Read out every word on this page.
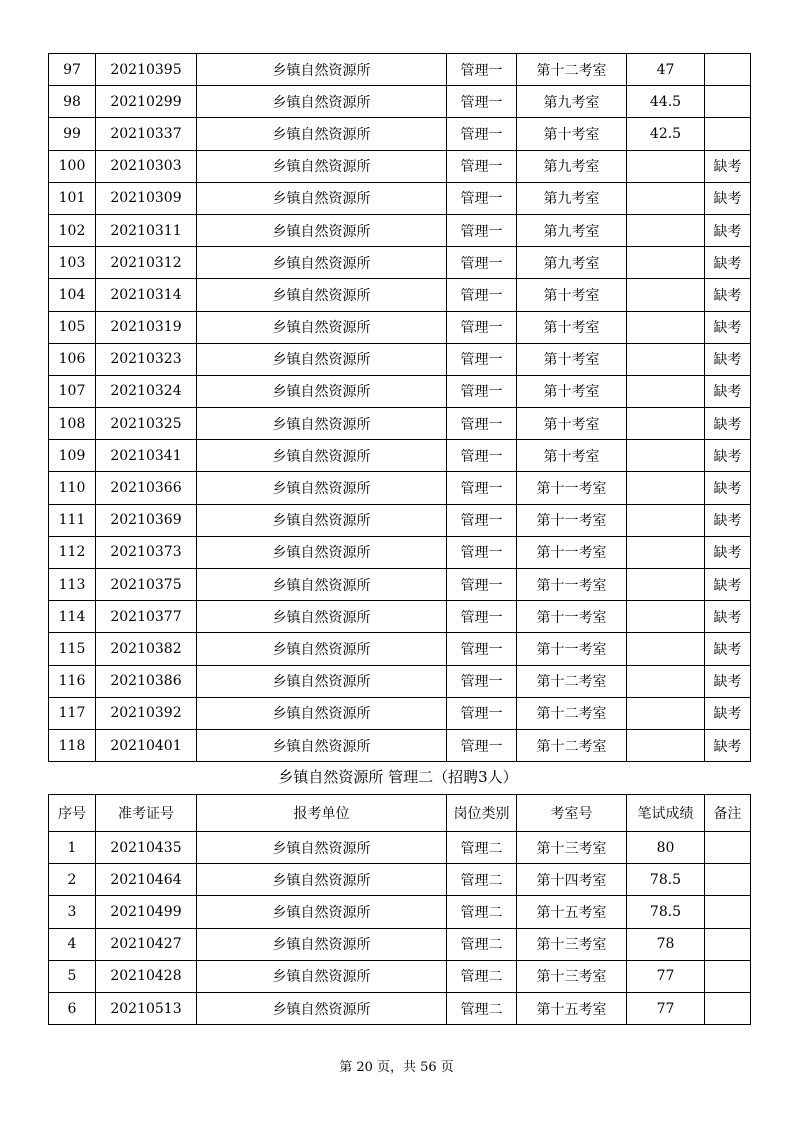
97	20210395	乡镇自然资源所	管理一	第十二考室	47	
98	20210299	乡镇自然资源所	管理一	第九考室	44.5	
99	20210337	乡镇自然资源所	管理一	第十考室	42.5	
100	20210303	乡镇自然资源所	管理一	第九考室		缺考
101	20210309	乡镇自然资源所	管理一	第九考室		缺考
102	20210311	乡镇自然资源所	管理一	第九考室		缺考
103	20210312	乡镇自然资源所	管理一	第九考室		缺考
104	20210314	乡镇自然资源所	管理一	第十考室		缺考
105	20210319	乡镇自然资源所	管理一	第十考室		缺考
106	20210323	乡镇自然资源所	管理一	第十考室		缺考
107	20210324	乡镇自然资源所	管理一	第十考室		缺考
108	20210325	乡镇自然资源所	管理一	第十考室		缺考
109	20210341	乡镇自然资源所	管理一	第十考室		缺考
110	20210366	乡镇自然资源所	管理一	第十一考室		缺考
111	20210369	乡镇自然资源所	管理一	第十一考室		缺考
112	20210373	乡镇自然资源所	管理一	第十一考室		缺考
113	20210375	乡镇自然资源所	管理一	第十一考室		缺考
114	20210377	乡镇自然资源所	管理一	第十一考室		缺考
115	20210382	乡镇自然资源所	管理一	第十一考室		缺考
116	20210386	乡镇自然资源所	管理一	第十二考室		缺考
117	20210392	乡镇自然资源所	管理一	第十二考室		缺考
118	20210401	乡镇自然资源所	管理一	第十二考室		缺考
乡镇自然资源所 管理二（招聘3人）
序号	准考证号	报考单位	岗位类别	考室号	笔试成绩	备注
1	20210435	乡镇自然资源所	管理二	第十三考室	80	
2	20210464	乡镇自然资源所	管理二	第十四考室	78.5	
3	20210499	乡镇自然资源所	管理二	第十五考室	78.5	
4	20210427	乡镇自然资源所	管理二	第十三考室	78	
5	20210428	乡镇自然资源所	管理二	第十三考室	77	
6	20210513	乡镇自然资源所	管理二	第十五考室	77	
第 20 页，共 56 页
